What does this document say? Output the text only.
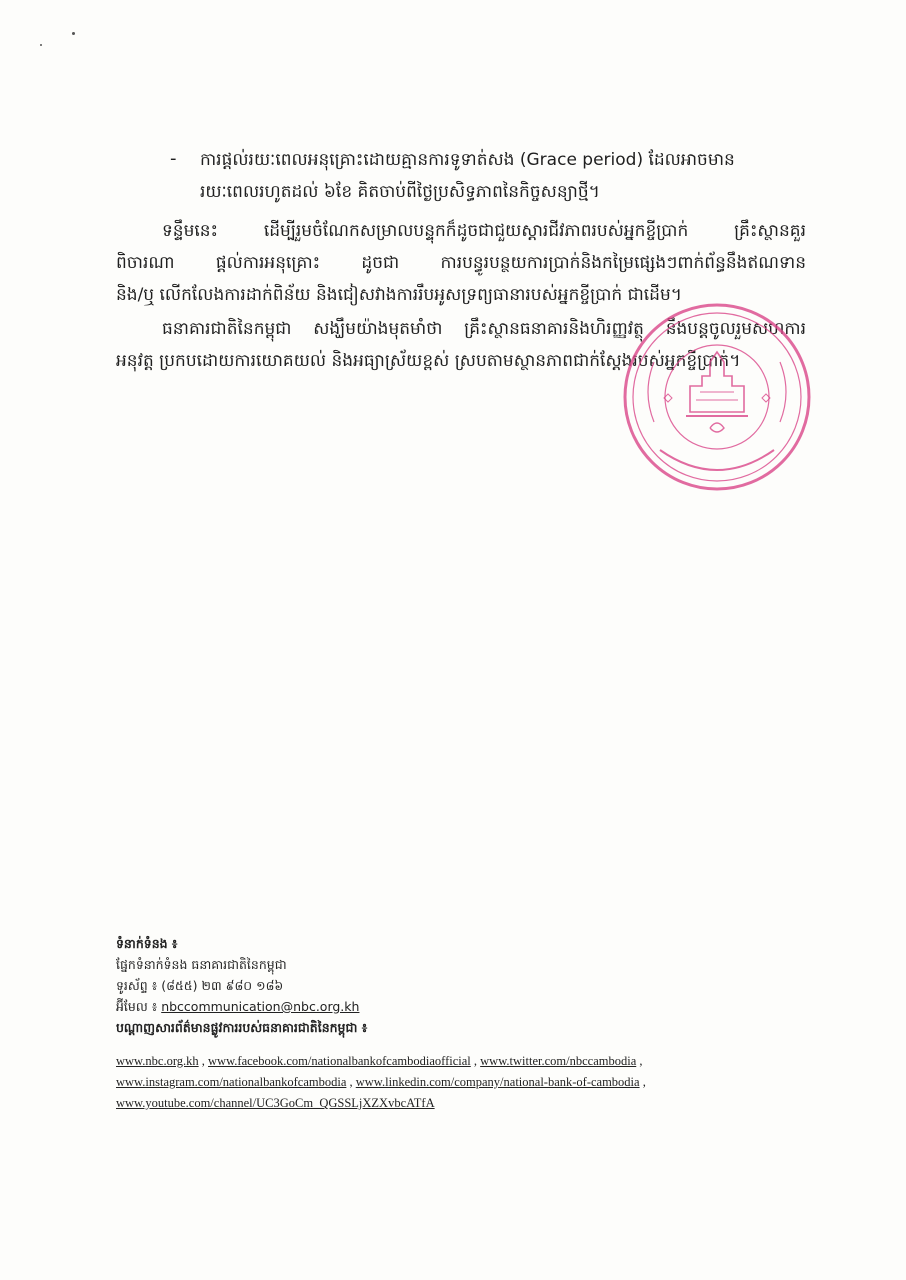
- ការផ្តល់រយៈពេលអនុគ្រោះដោយគ្មានការទូទាត់សង (Grace period) ដែលអាចមាន
រយៈពេលរហូតដល់ ៦ខែ គិតចាប់ពីថ្ងៃប្រសិទ្ធភាពនៃកិច្ចសន្យាថ្មី។
ទន្ទឹមនេះ ដើម្បីរួមចំណែកសម្រាលបន្ទុកក៏ដូចជាជួយស្តារជីវភាពរបស់អ្នកខ្ចីប្រាក់ គ្រឹះស្ថានគួរ
ពិចារណា ផ្តល់ការអនុគ្រោះ ដូចជា ការបន្ធូរបន្ថយការប្រាក់និងកម្រៃផ្សេងៗពាក់ព័ន្ធនឹងឥណទាន
និង/ឬ លើកលែងការដាក់ពិន័យ និងជៀសវាងការរឹបអូសទ្រព្យធានារបស់អ្នកខ្ចីប្រាក់ ជាដើម។
ធនាគារជាតិនៃកម្ពុជា សង្ឃឹមយ៉ាងមុតមាំថា គ្រឹះស្ថានធនាគារនិងហិរញ្ញវត្ថុ នឹងបន្តចូលរួមសហការ
អនុវត្ត ប្រកបដោយការយោគយល់ និងអធ្យាស្រ័យខ្ពស់ ស្របតាមស្ថានភាពជាក់ស្តែងរបស់អ្នកខ្ចីប្រាក់។
ទំនាក់ទំនង ៖
ផ្នែកទំនាក់ទំនង ធនាគារជាតិនៃកម្ពុជា
ទូរស័ព្ទ ៖ (៨៥៥) ២៣ ៩៨០ ១៨៦
អ៊ីមែល ៖ nbccommunication@nbc.org.kh
បណ្តាញសារព័ត៌មានផ្លូវការរបស់ធនាគារជាតិនៃកម្ពុជា ៖
www.nbc.org.kh , www.facebook.com/nationalbankofcambodiaofficial , www.twitter.com/nbccambodia ,
www.instagram.com/nationalbankofcambodia , www.linkedin.com/company/national-bank-of-cambodia ,
www.youtube.com/channel/UC3GoCm_QGSSLjXZXvbcATfA
